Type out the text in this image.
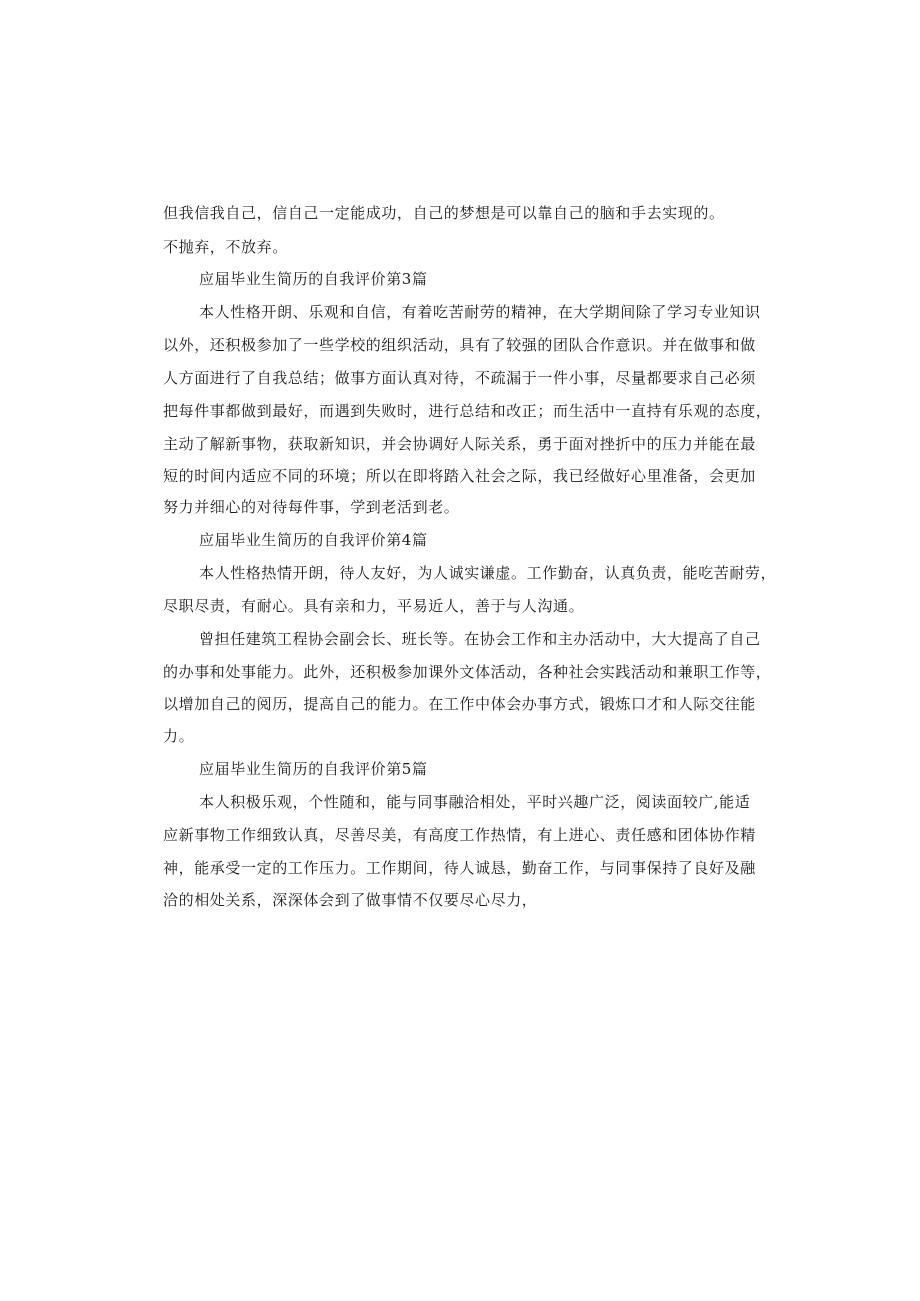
但我信我自己，信自己一定能成功，自己的梦想是可以靠自己的脑和手去实现的。
不抛弃，不放弃。
应届毕业生简历的自我评价第3篇
本人性格开朗、乐观和自信，有着吃苦耐劳的精神，在大学期间除了学习专业知识
以外，还积极参加了一些学校的组织活动，具有了较强的团队合作意识。并在做事和做
人方面进行了自我总结；做事方面认真对待，不疏漏于一件小事，尽量都要求自己必须
把每件事都做到最好，而遇到失败时，进行总结和改正；而生活中一直持有乐观的态度，
主动了解新事物，获取新知识，并会协调好人际关系，勇于面对挫折中的压力并能在最
短的时间内适应不同的环境；所以在即将踏入社会之际，我已经做好心里准备，会更加
努力并细心的对待每件事，学到老活到老。
应届毕业生简历的自我评价第4篇
本人性格热情开朗，待人友好，为人诚实谦虚。工作勤奋，认真负责，能吃苦耐劳，
尽职尽责，有耐心。具有亲和力，平易近人，善于与人沟通。
曾担任建筑工程协会副会长、班长等。在协会工作和主办活动中，大大提高了自己
的办事和处事能力。此外，还积极参加课外文体活动，各种社会实践活动和兼职工作等，
以增加自己的阅历，提高自己的能力。在工作中体会办事方式，锻炼口才和人际交往能
力。
应届毕业生简历的自我评价第5篇
本人积极乐观，个性随和，能与同事融洽相处，平时兴趣广泛，阅读面较广,能适
应新事物工作细致认真，尽善尽美，有高度工作热情，有上进心、责任感和团体协作精
神，能承受一定的工作压力。工作期间，待人诚恳，勤奋工作，与同事保持了良好及融
洽的相处关系，深深体会到了做事情不仅要尽心尽力，
